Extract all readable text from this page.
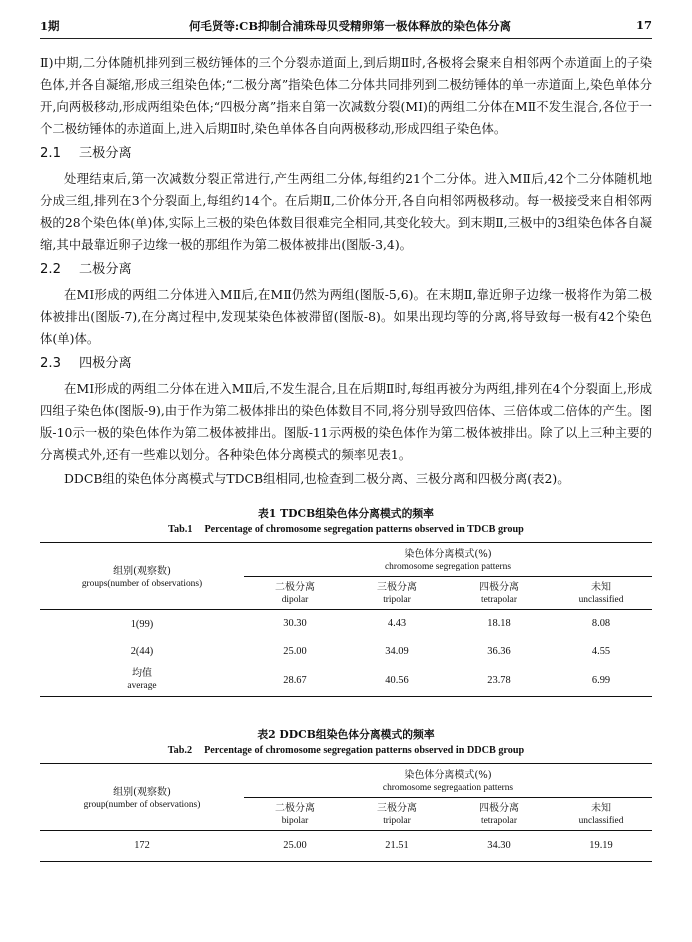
1期	何毛贤等:CB抑制合浦珠母贝受精卵第一极体释放的染色体分离	17

Ⅱ)中期,二分体随机排列到三极纺锤体的三个分裂赤道面上,到后期Ⅱ时,各极将会聚来自相邻两个赤道面上的子染色体,并各自凝缩,形成三组染色体;“二极分离”指染色体二分体共同排列到二极纺锤体的单一赤道面上,染色单体分开,向两极移动,形成两组染色体;“四极分离”指来自第一次减数分裂(MⅠ)的两组二分体在MⅡ不发生混合,各位于一个二极纺锤体的赤道面上,进入后期Ⅱ时,染色单体各自向两极移动,形成四组子染色体。

2.1 三极分离

处理结束后,第一次减数分裂正常进行,产生两组二分体,每组约21个二分体。进入MⅡ后,42个二分体随机地分成三组,排列在3个分裂面上,每组约14个。在后期Ⅱ,二价体分开,各自向相邻两极移动。每一极接受来自相邻两极的28个染色体(单)体,实际上三极的染色体数目很难完全相同,其变化较大。到末期Ⅱ,三极中的3组染色体各自凝缩,其中最靠近卵子边缘一极的那组作为第二极体被排出(图版-3,4)。

2.2 二极分离

在MⅠ形成的两组二分体进入MⅡ后,在MⅡ仍然为两组(图版-5,6)。在末期Ⅱ,靠近卵子边缘一极将作为第二极体被排出(图版-7),在分离过程中,发现某染色体被滞留(图版-8)。如果出现均等的分离,将导致每一极有42个染色体(单)体。

2.3 四极分离

在MⅠ形成的两组二分体在进入MⅡ后,不发生混合,且在后期Ⅱ时,每组再被分为两组,排列在4个分裂面上,形成四组子染色体(图版-9),由于作为第二极体排出的染色体数目不同,将分别导致四倍体、三倍体或二倍体的产生。图版-10示一极的染色体作为第二极体被排出。图版-11示两极的染色体作为第二极体被排出。除了以上三种主要的分离模式外,还有一些难以划分。各种染色体分离模式的频率见表1。

DDCB组的染色体分离模式与TDCB组相同,也检查到二极分离、三极分离和四极分离(表2)。

表1 TDCB组染色体分离模式的频率
Tab.1 Percentage of chromosome segregation patterns observed in TDCB group
组别(观察数)
groups(number of observations)	染色体分离模式(%)
chromosome segregation patterns			

	二极分离
dipolar	三极分离
tripolar	四极分离
tetrapolar	未知
unclassified

1(99)	30.30	4.43	18.18	8.08
2(44)	25.00	34.09	36.36	4.55

均值
average	28.67	40.56	23.78	6.99
表2 DDCB组染色体分离模式的频率
Tab.2 Percentage of chromosome segregation patterns observed in DDCB group
组别(观察数)
group(number of observations)	染色体分离模式(%)
chromosome segregaation patterns			

	二极分离
bipolar	三极分离
tripolar	四极分离
tetrapolar	未知
unclassified

172	25.00	21.51	34.30	19.19
